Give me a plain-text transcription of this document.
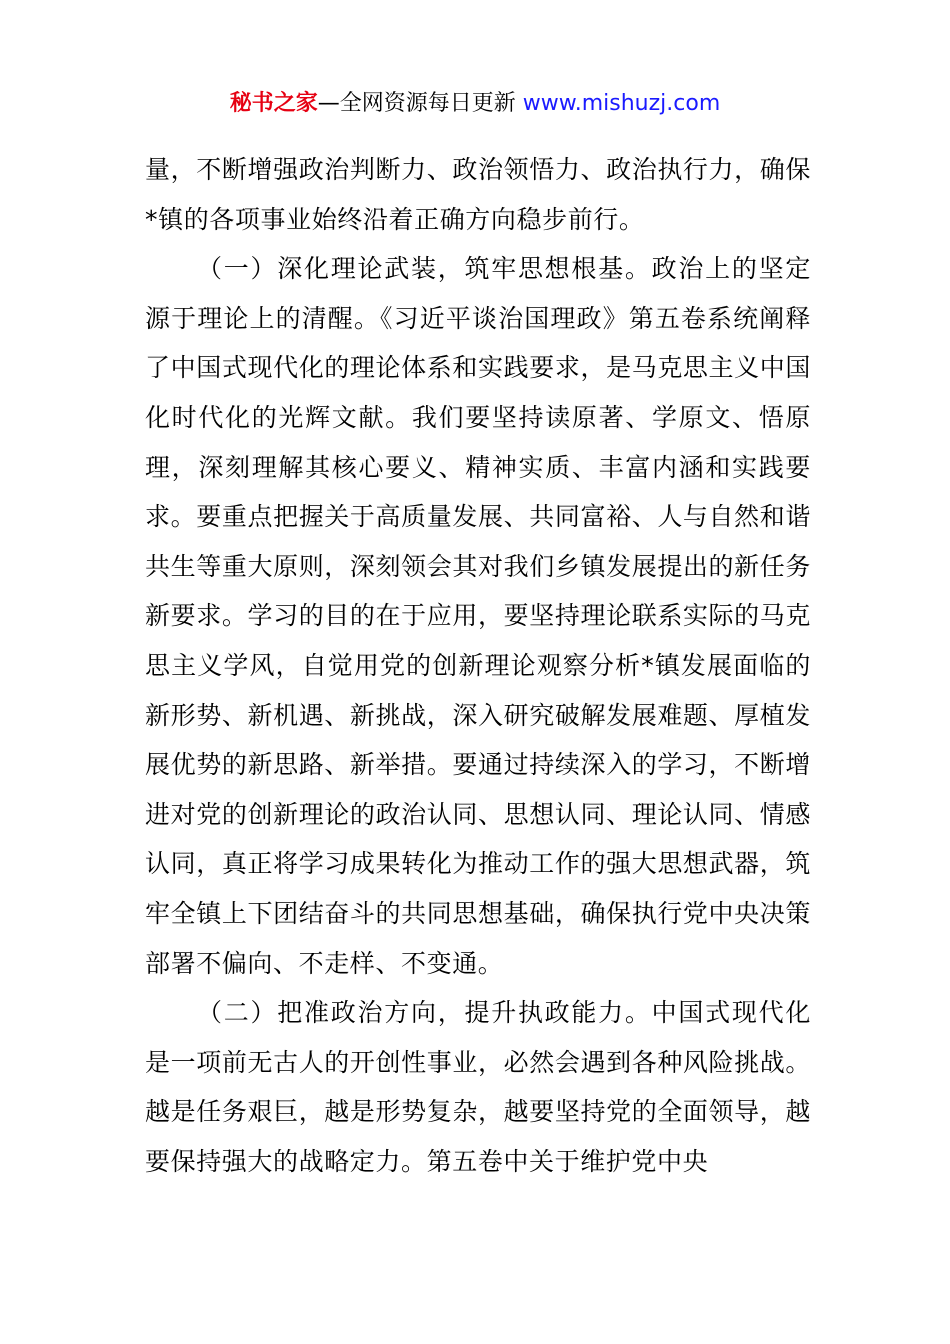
秘书之家—全网资源每日更新 www.mishuzj.com

量，不断增强政治判断力、政治领悟力、政治执行力，确保*镇的各项事业始终沿着正确方向稳步前行。

（一）深化理论武装，筑牢思想根基。政治上的坚定源于理论上的清醒。《习近平谈治国理政》第五卷系统阐释了中国式现代化的理论体系和实践要求，是马克思主义中国化时代化的光辉文献。我们要坚持读原著、学原文、悟原理，深刻理解其核心要义、精神实质、丰富内涵和实践要求。要重点把握关于高质量发展、共同富裕、人与自然和谐共生等重大原则，深刻领会其对我们乡镇发展提出的新任务新要求。学习的目的在于应用，要坚持理论联系实际的马克思主义学风，自觉用党的创新理论观察分析*镇发展面临的新形势、新机遇、新挑战，深入研究破解发展难题、厚植发展优势的新思路、新举措。要通过持续深入的学习，不断增进对党的创新理论的政治认同、思想认同、理论认同、情感认同，真正将学习成果转化为推动工作的强大思想武器，筑牢全镇上下团结奋斗的共同思想基础，确保执行党中央决策部署不偏向、不走样、不变通。

（二）把准政治方向，提升执政能力。中国式现代化是一项前无古人的开创性事业，必然会遇到各种风险挑战。越是任务艰巨，越是形势复杂，越要坚持党的全面领导，越要保持强大的战略定力。第五卷中关于维护党中央
